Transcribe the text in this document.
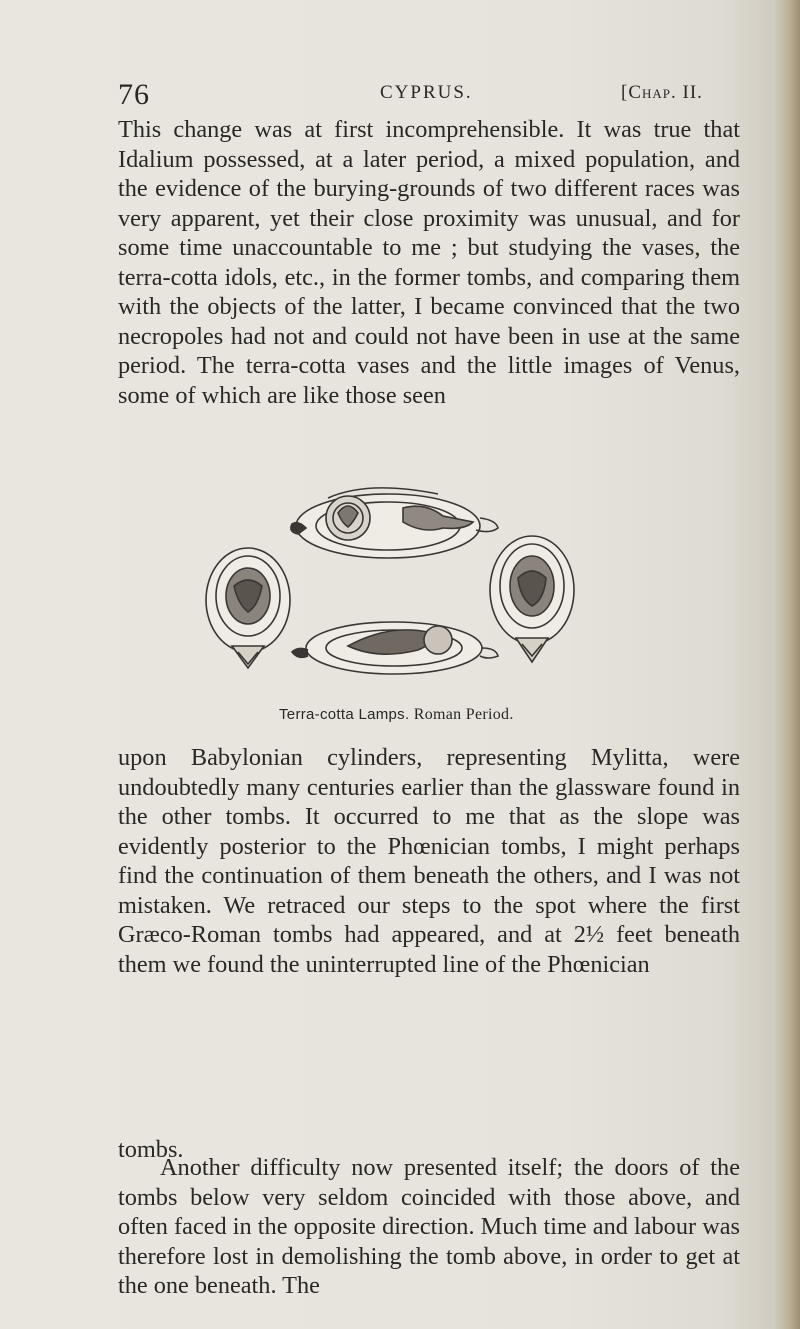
76	CYPRUS.	[Chap. II.

This change was at first incomprehensible. It was true that Idalium possessed, at a later period, a mixed population, and the evidence of the burying-grounds of two different races was very apparent, yet their close proximity was unusual, and for some time unaccountable to me ; but studying the vases, the terra-cotta idols, etc., in the former tombs, and comparing them with the objects of the latter, I became convinced that the two necropoles had not and could not have been in use at the same period. The terra-cotta vases and the little images of Venus, some of which are like those seen

Terra-cotta Lamps. Roman Period.

upon Babylonian cylinders, representing Mylitta, were undoubtedly many centuries earlier than the glassware found in the other tombs. It occurred to me that as the slope was evidently posterior to the Phœnician tombs, I might perhaps find the continuation of them beneath the others, and I was not mistaken. We retraced our steps to the spot where the first Græco-Roman tombs had appeared, and at 2½ feet beneath them we found the uninterrupted line of the Phœnician

tombs.

Another difficulty now presented itself; the doors of the tombs below very seldom coincided with those above, and often faced in the opposite direction. Much time and labour was therefore lost in demolishing the tomb above, in order to get at the one beneath. The
